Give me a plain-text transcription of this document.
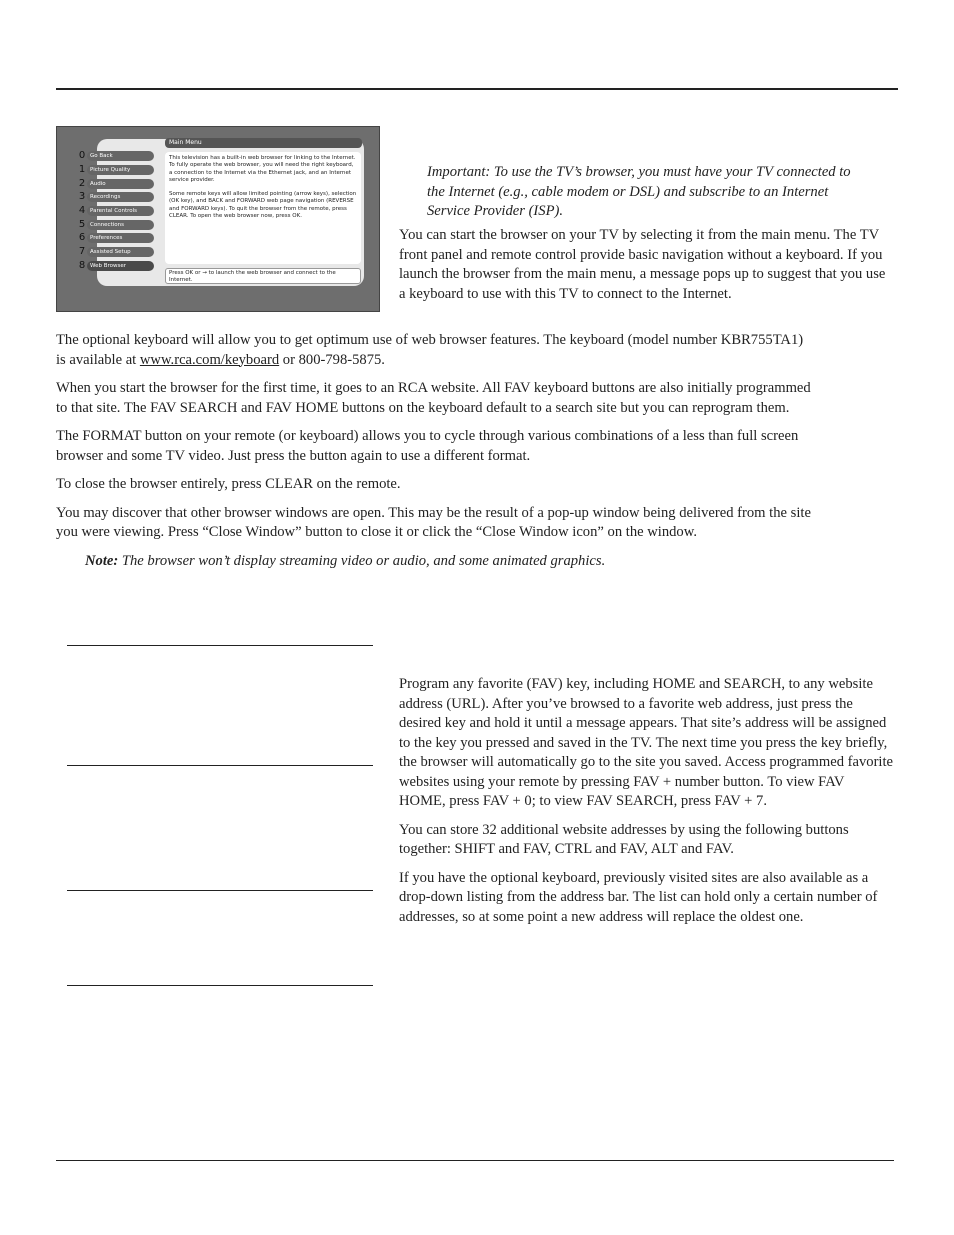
Main Menu
0 Go Back
1 Picture Quality
2 Audio
3 Recordings
4 Parental Controls
5 Connections
6 Preferences
7 Assisted Setup
8 Web Browser
This television has a built-in web browser for linking to the Internet. To fully operate the web browser, you will need the right keyboard, a connection to the Internet via the Ethernet jack, and an Internet service provider.
Some remote keys will allow limited pointing (arrow keys), selection (OK key), and BACK and FORWARD web page navigation (REVERSE and FORWARD keys). To quit the browser from the remote, press CLEAR. To open the web browser now, press OK.
Press OK or → to launch the web browser and connect to the Internet.
Important: To use the TV’s browser, you must have your TV connected to the Internet (e.g., cable modem or DSL) and subscribe to an Internet Service Provider (ISP).
You can start the browser on your TV by selecting it from the main menu. The TV front panel and remote control provide basic navigation without a keyboard. If you launch the browser from the main menu, a message pops up to suggest that you use a keyboard to use with this TV to connect to the Internet.

The optional keyboard will allow you to get optimum use of web browser features. The keyboard (model number KBR755TA1) is available at www.rca.com/keyboard or 800-798-5875.

When you start the browser for the first time, it goes to an RCA website. All FAV keyboard buttons are also initially programmed to that site. The FAV SEARCH and FAV HOME buttons on the keyboard default to a search site but you can reprogram them.

The FORMAT button on your remote (or keyboard) allows you to cycle through various combinations of a less than full screen browser and some TV video. Just press the button again to use a different format.

To close the browser entirely, press CLEAR on the remote.

You may discover that other browser windows are open. This may be the result of a pop-up window being delivered from the site you were viewing. Press “Close Window” button to close it or click the “Close Window icon” on the window.

Note: The browser won’t display streaming video or audio, and some animated graphics.

Program any favorite (FAV) key, including HOME and SEARCH, to any website address (URL). After you’ve browsed to a favorite web address, just press the desired key and hold it until a message appears. That site’s address will be assigned to the key you pressed and saved in the TV. The next time you press the key briefly, the browser will automatically go to the site you saved. Access programmed favorite websites using your remote by pressing FAV + number button. To view FAV HOME, press FAV + 0; to view FAV SEARCH, press FAV + 7.

You can store 32 additional website addresses by using the following buttons together: SHIFT and FAV, CTRL and FAV, ALT and FAV.

If you have the optional keyboard, previously visited sites are also available as a drop-down listing from the address bar. The list can hold only a certain number of addresses, so at some point a new address will replace the oldest one.
